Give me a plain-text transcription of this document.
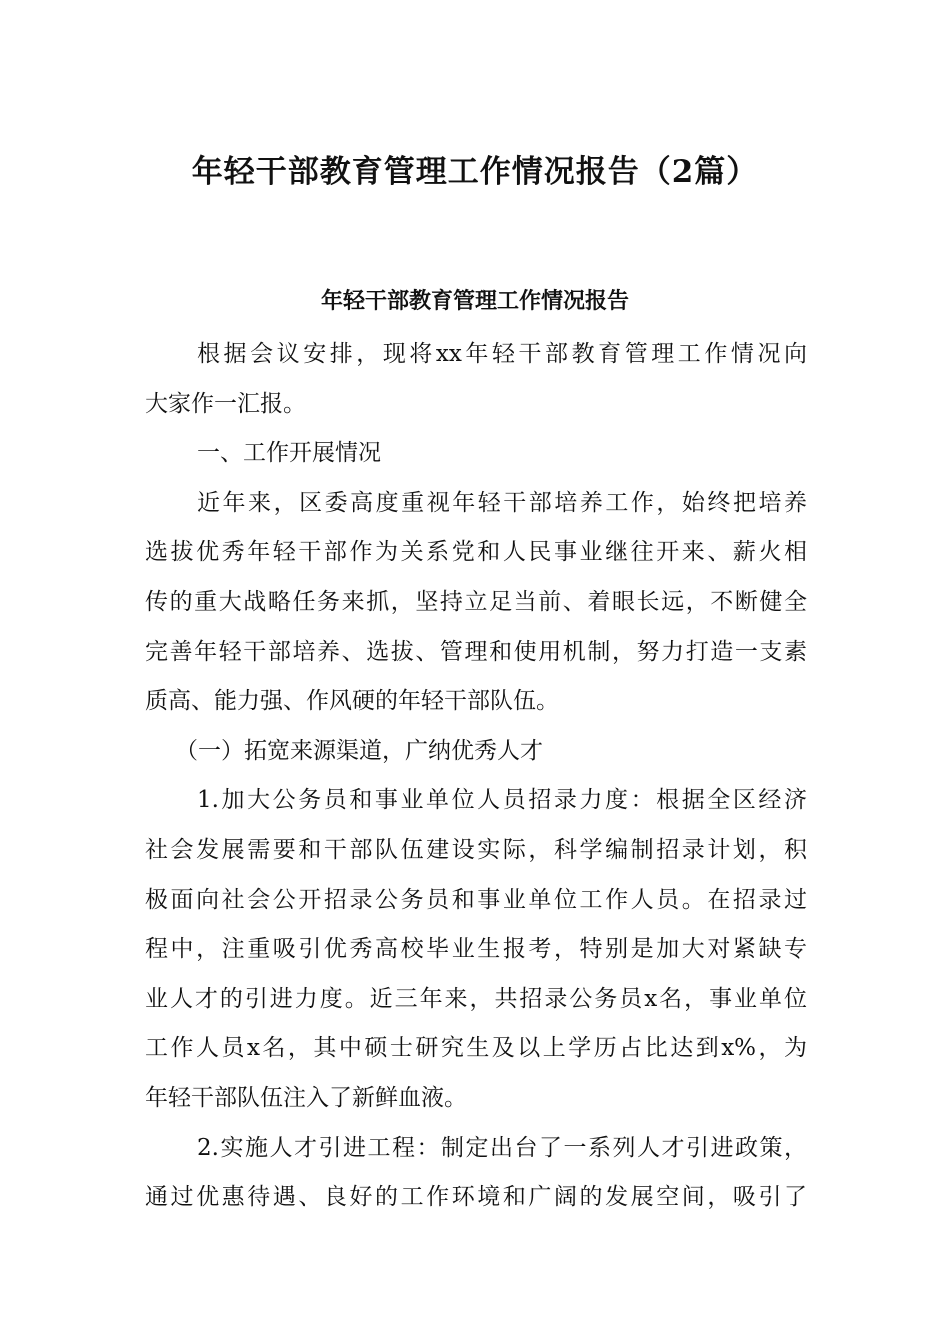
年轻干部教育管理工作情况报告（2篇）
年轻干部教育管理工作情况报告
根据会议安排，现将xx年轻干部教育管理工作情况向
大家作一汇报。
一、工作开展情况
近年来，区委高度重视年轻干部培养工作，始终把培养
选拔优秀年轻干部作为关系党和人民事业继往开来、薪火相
传的重大战略任务来抓，坚持立足当前、着眼长远，不断健全
完善年轻干部培养、选拔、管理和使用机制，努力打造一支素
质高、能力强、作风硬的年轻干部队伍。
（一）拓宽来源渠道，广纳优秀人才
1.加大公务员和事业单位人员招录力度：根据全区经济
社会发展需要和干部队伍建设实际，科学编制招录计划，积
极面向社会公开招录公务员和事业单位工作人员。在招录过
程中，注重吸引优秀高校毕业生报考，特别是加大对紧缺专
业人才的引进力度。近三年来，共招录公务员x名，事业单位
工作人员x名，其中硕士研究生及以上学历占比达到x%，为
年轻干部队伍注入了新鲜血液。
2.实施人才引进工程：制定出台了一系列人才引进政策，
通过优惠待遇、良好的工作环境和广阔的发展空间，吸引了
